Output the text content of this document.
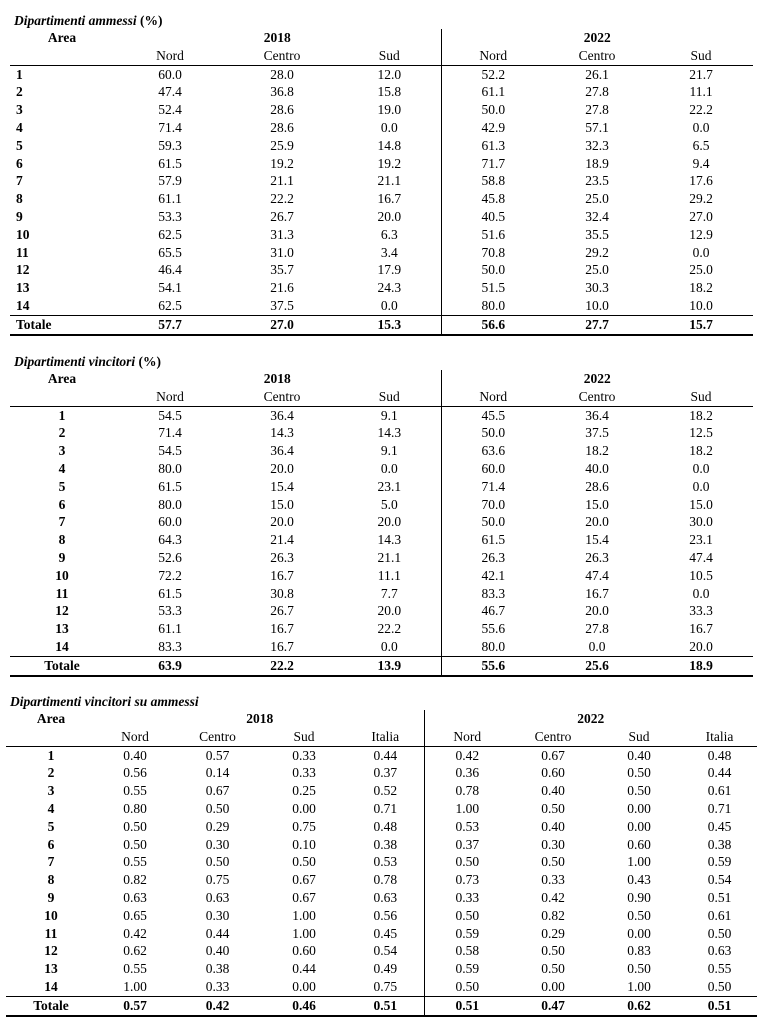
Dipartimenti ammessi (%)
Area	2018			2022		
	Nord	Centro	Sud	Nord	Centro	Sud
1	60.0	28.0	12.0	52.2	26.1	21.7
2	47.4	36.8	15.8	61.1	27.8	11.1
3	52.4	28.6	19.0	50.0	27.8	22.2
4	71.4	28.6	0.0	42.9	57.1	0.0
5	59.3	25.9	14.8	61.3	32.3	6.5
6	61.5	19.2	19.2	71.7	18.9	9.4
7	57.9	21.1	21.1	58.8	23.5	17.6
8	61.1	22.2	16.7	45.8	25.0	29.2
9	53.3	26.7	20.0	40.5	32.4	27.0
10	62.5	31.3	6.3	51.6	35.5	12.9
11	65.5	31.0	3.4	70.8	29.2	0.0
12	46.4	35.7	17.9	50.0	25.0	25.0
13	54.1	21.6	24.3	51.5	30.3	18.2
14	62.5	37.5	0.0	80.0	10.0	10.0
Totale	57.7	27.0	15.3	56.6	27.7	15.7
Dipartimenti vincitori (%)
Area	2018			2022		
	Nord	Centro	Sud	Nord	Centro	Sud
1	54.5	36.4	9.1	45.5	36.4	18.2
2	71.4	14.3	14.3	50.0	37.5	12.5
3	54.5	36.4	9.1	63.6	18.2	18.2
4	80.0	20.0	0.0	60.0	40.0	0.0
5	61.5	15.4	23.1	71.4	28.6	0.0
6	80.0	15.0	5.0	70.0	15.0	15.0
7	60.0	20.0	20.0	50.0	20.0	30.0
8	64.3	21.4	14.3	61.5	15.4	23.1
9	52.6	26.3	21.1	26.3	26.3	47.4
10	72.2	16.7	11.1	42.1	47.4	10.5
11	61.5	30.8	7.7	83.3	16.7	0.0
12	53.3	26.7	20.0	46.7	20.0	33.3
13	61.1	16.7	22.2	55.6	27.8	16.7
14	83.3	16.7	0.0	80.0	0.0	20.0
Totale	63.9	22.2	13.9	55.6	25.6	18.9
Dipartimenti vincitori su ammessi
Area	2018				2022			
	Nord	Centro	Sud	Italia	Nord	Centro	Sud	Italia
1	0.40	0.57	0.33	0.44	0.42	0.67	0.40	0.48
2	0.56	0.14	0.33	0.37	0.36	0.60	0.50	0.44
3	0.55	0.67	0.25	0.52	0.78	0.40	0.50	0.61
4	0.80	0.50	0.00	0.71	1.00	0.50	0.00	0.71
5	0.50	0.29	0.75	0.48	0.53	0.40	0.00	0.45
6	0.50	0.30	0.10	0.38	0.37	0.30	0.60	0.38
7	0.55	0.50	0.50	0.53	0.50	0.50	1.00	0.59
8	0.82	0.75	0.67	0.78	0.73	0.33	0.43	0.54
9	0.63	0.63	0.67	0.63	0.33	0.42	0.90	0.51
10	0.65	0.30	1.00	0.56	0.50	0.82	0.50	0.61
11	0.42	0.44	1.00	0.45	0.59	0.29	0.00	0.50
12	0.62	0.40	0.60	0.54	0.58	0.50	0.83	0.63
13	0.55	0.38	0.44	0.49	0.59	0.50	0.50	0.55
14	1.00	0.33	0.00	0.75	0.50	0.00	1.00	0.50
Totale	0.57	0.42	0.46	0.51	0.51	0.47	0.62	0.51
